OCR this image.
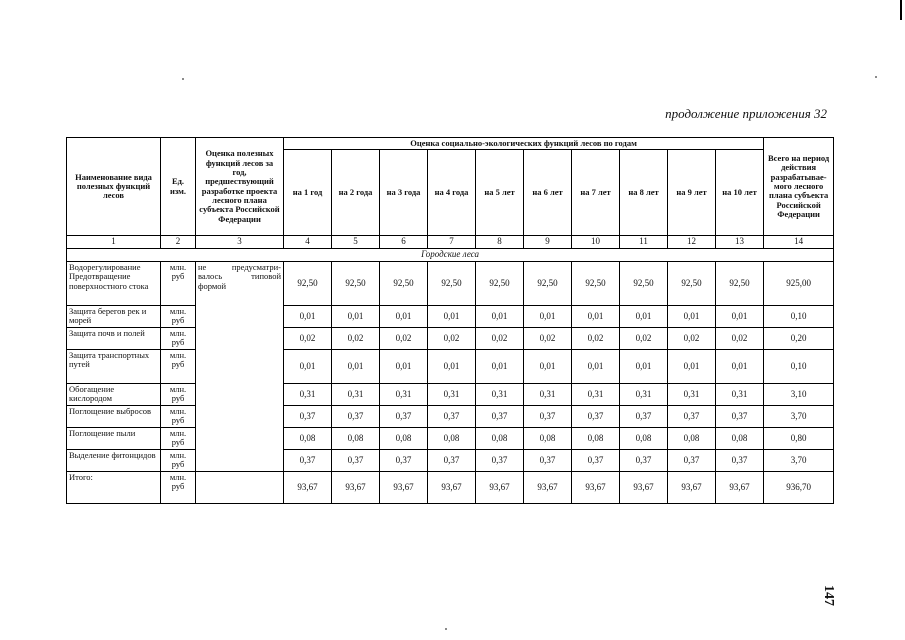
продолжение приложения 32
147
Наименование вида полезных функций лесов	Ед. изм.	Оценка полезных функций лесов за год, предшествующий разработке проекта лесного плана субъекта Российской Федерации	Оценка социально-экологических функций лесов по годам										Всего на период действия разрабатывае-мого лесного плана субъекта Российской Федерации
			на 1 год	на 2 года	на 3 года	на 4 года	на 5 лет	на 6 лет	на 7 лет	на 8 лет	на 9 лет	на 10 лет	
1	2	3	4	5	6	7	8	9	10	11	12	13	14
Городские леса													
Водорегулирование Предотвращение поверхностного стока	млн. руб	не предусматри-валось типовой формой	92,50	92,50	92,50	92,50	92,50	92,50	92,50	92,50	92,50	92,50	925,00
Защита берегов рек и морей	млн. руб		0,01	0,01	0,01	0,01	0,01	0,01	0,01	0,01	0,01	0,01	0,10
Защита почв и полей	млн. руб		0,02	0,02	0,02	0,02	0,02	0,02	0,02	0,02	0,02	0,02	0,20
Защита транспортных путей	млн. руб		0,01	0,01	0,01	0,01	0,01	0,01	0,01	0,01	0,01	0,01	0,10
Обогащение кислородом	млн. руб		0,31	0,31	0,31	0,31	0,31	0,31	0,31	0,31	0,31	0,31	3,10
Поглощение выбросов	млн. руб		0,37	0,37	0,37	0,37	0,37	0,37	0,37	0,37	0,37	0,37	3,70
Поглощение пыли	млн. руб		0,08	0,08	0,08	0,08	0,08	0,08	0,08	0,08	0,08	0,08	0,80
Выделение фитонцидов	млн. руб		0,37	0,37	0,37	0,37	0,37	0,37	0,37	0,37	0,37	0,37	3,70
Итого:	млн. руб		93,67	93,67	93,67	93,67	93,67	93,67	93,67	93,67	93,67	93,67	936,70
